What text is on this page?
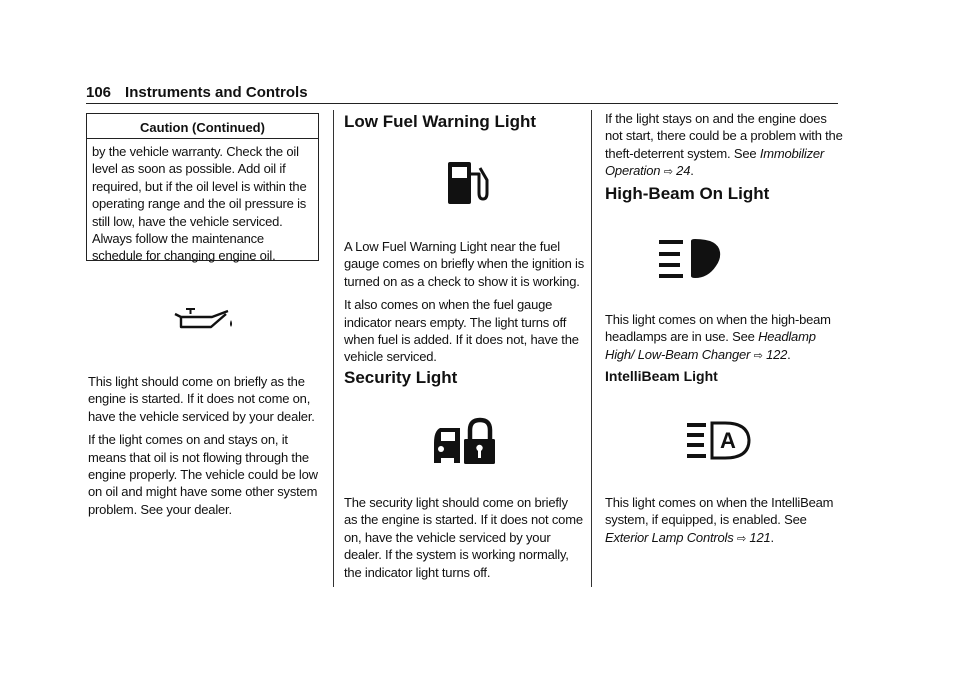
106 Instruments and Controls
Caution (Continued)

by the vehicle warranty. Check the oil level as soon as possible. Add oil if required, but if the oil level is within the operating range and the oil pressure is still low, have the vehicle serviced. Always follow the maintenance schedule for changing engine oil.

This light should come on briefly as the engine is started. If it does not come on, have the vehicle serviced by your dealer.

If the light comes on and stays on, it means that oil is not flowing through the engine properly. The vehicle could be low on oil and might have some other system problem. See your dealer.

Low Fuel Warning Light

A Low Fuel Warning Light near the fuel gauge comes on briefly when the ignition is turned on as a check to show it is working.

It also comes on when the fuel gauge indicator nears empty. The light turns off when fuel is added. If it does not, have the vehicle serviced.

Security Light

The security light should come on briefly as the engine is started. If it does not come on, have the vehicle serviced by your dealer. If the system is working normally, the indicator light turns off.

If the light stays on and the engine does not start, there could be a problem with the theft-deterrent system. See Immobilizer Operation ⇨ 24.

High-Beam On Light

This light comes on when the high-beam headlamps are in use. See Headlamp High/ Low-Beam Changer ⇨ 122.

IntelliBeam Light
A

This light comes on when the IntelliBeam system, if equipped, is enabled. See Exterior Lamp Controls ⇨ 121.
